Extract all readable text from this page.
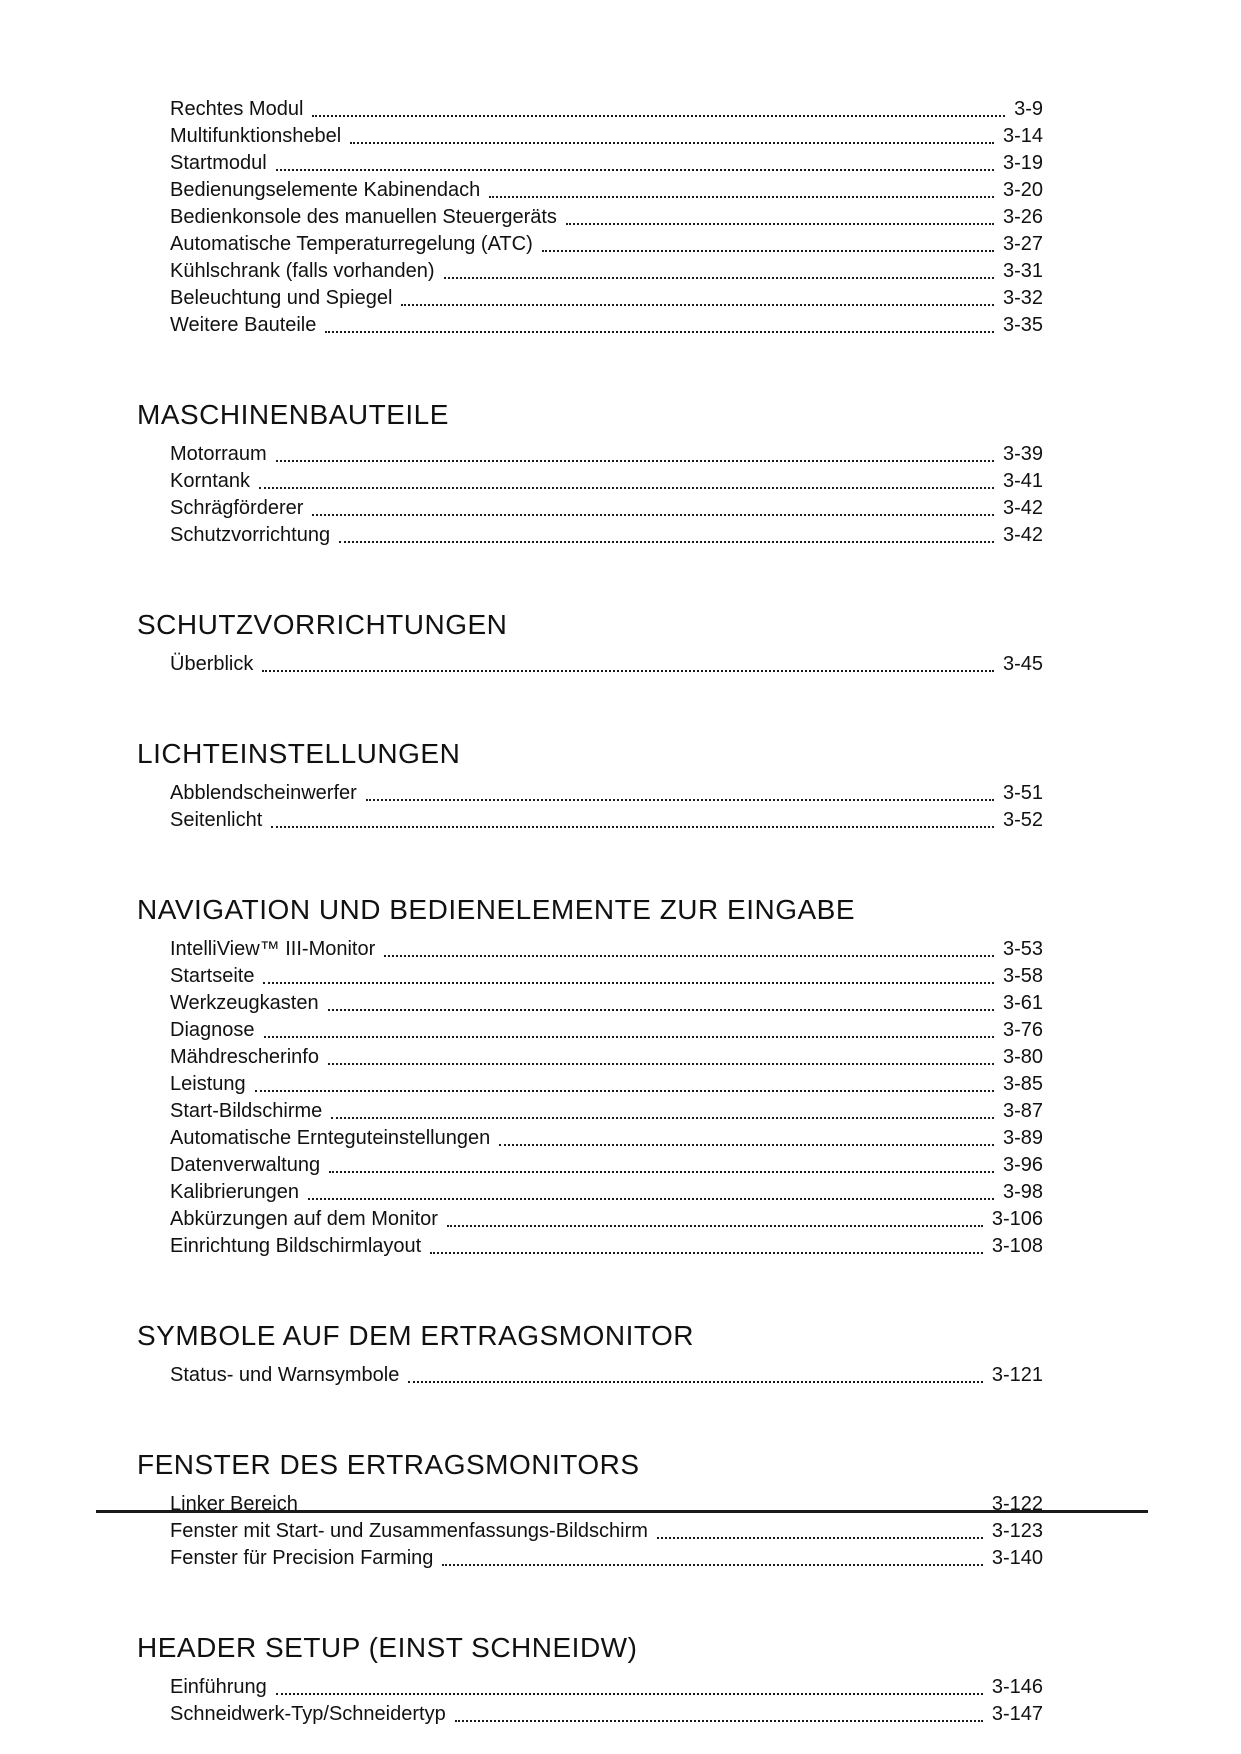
Rechtes Modul	3-9
Multifunktionshebel	3-14
Startmodul	3-19
Bedienungselemente Kabinendach	3-20
Bedienkonsole des manuellen Steuergeräts	3-26
Automatische Temperaturregelung (ATC)	3-27
Kühlschrank (falls vorhanden)	3-31
Beleuchtung und Spiegel	3-32
Weitere Bauteile	3-35
MASCHINENBAUTEILE
Motorraum	3-39
Korntank	3-41
Schrägförderer	3-42
Schutzvorrichtung	3-42
SCHUTZVORRICHTUNGEN
Überblick	3-45
LICHTEINSTELLUNGEN
Abblendscheinwerfer	3-51
Seitenlicht	3-52
NAVIGATION UND BEDIENELEMENTE ZUR EINGABE
IntelliView™ III-Monitor	3-53
Startseite	3-58
Werkzeugkasten	3-61
Diagnose	3-76
Mähdrescherinfo	3-80
Leistung	3-85
Start-Bildschirme	3-87
Automatische Ernteguteinstellungen	3-89
Datenverwaltung	3-96
Kalibrierungen	3-98
Abkürzungen auf dem Monitor	3-106
Einrichtung Bildschirmlayout	3-108
SYMBOLE AUF DEM ERTRAGSMONITOR
Status- und Warnsymbole	3-121
FENSTER DES ERTRAGSMONITORS
Linker Bereich	3-122
Fenster mit Start- und Zusammenfassungs-Bildschirm	3-123
Fenster für Precision Farming	3-140
HEADER SETUP (EINST SCHNEIDW)
Einführung	3-146
Schneidwerk-Typ/Schneidertyp	3-147
